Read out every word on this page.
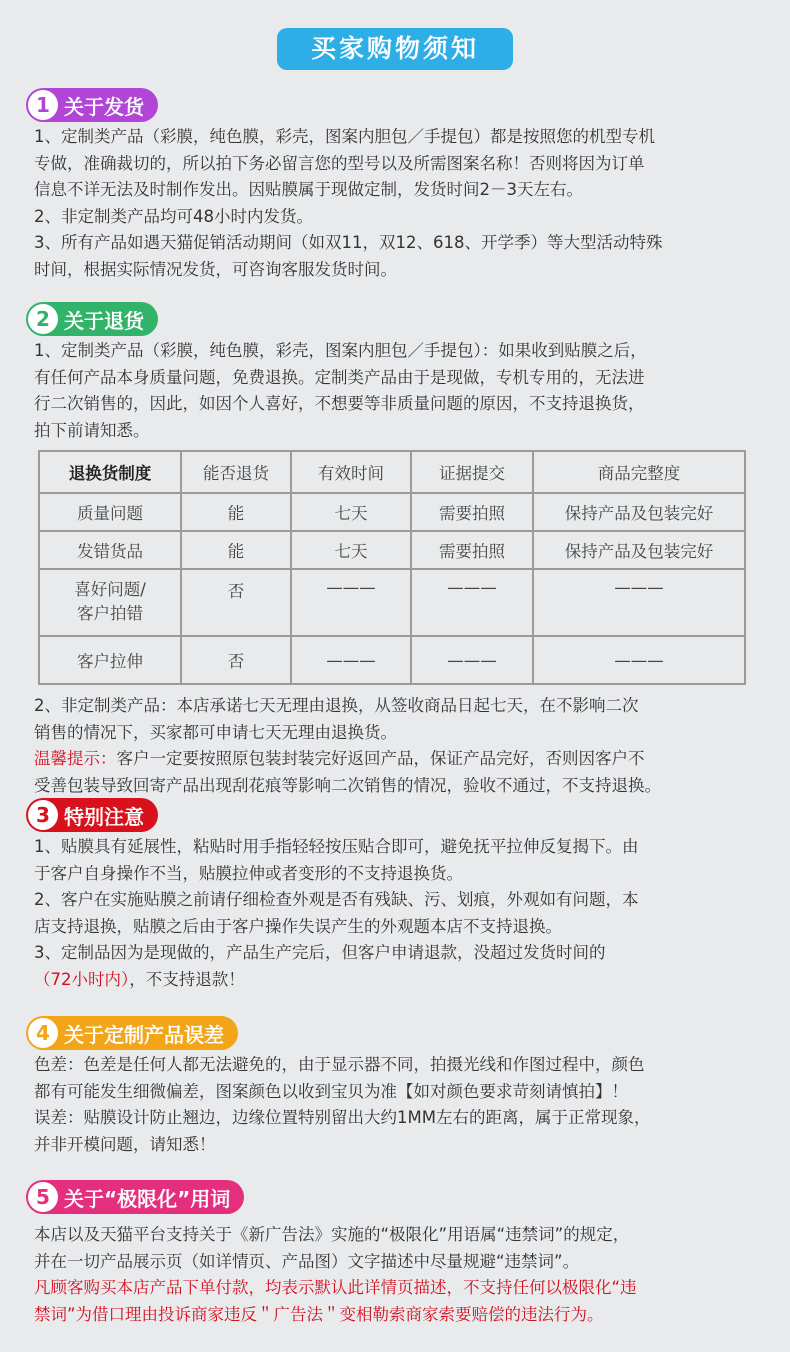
买家购物须知
1 关于发货

1、定制类产品（彩膜，纯色膜，彩壳，图案内胆包／手提包）都是按照您的机型专机

专做，准确裁切的，所以拍下务必留言您的型号以及所需图案名称！否则将因为订单

信息不详无法及时制作发出。因贴膜属于现做定制，发货时间2－3天左右。

2、非定制类产品均可48小时内发货。

3、所有产品如遇天猫促销活动期间（如双11，双12、618、开学季）等大型活动特殊

时间，根据实际情况发货，可咨询客服发货时间。

2 关于退货

1、定制类产品（彩膜，纯色膜，彩壳，图案内胆包／手提包）：如果收到贴膜之后，

有任何产品本身质量问题，免费退换。定制类产品由于是现做，专机专用的，无法进

行二次销售的，因此，如因个人喜好，不想要等非质量问题的原因，不支持退换货，

拍下前请知悉。

退换货制度	能否退货	有效时间	证据提交	商品完整度
质量问题	能	七天	需要拍照	保持产品及包装完好
发错货品	能	七天	需要拍照	保持产品及包装完好

喜好问题/
客户拍错	否	———	———	———
客户拉伸	否	———	———	———

2、非定制类产品：本店承诺七天无理由退换，从签收商品日起七天，在不影响二次

销售的情况下，买家都可申请七天无理由退换货。

温馨提示：客户一定要按照原包装封装完好返回产品，保证产品完好，否则因客户不

受善包装导致回寄产品出现刮花痕等影响二次销售的情况，验收不通过，不支持退换。

3 特别注意

1、贴膜具有延展性，粘贴时用手指轻轻按压贴合即可，避免抚平拉伸反复揭下。由

于客户自身操作不当，贴膜拉伸或者变形的不支持退换货。

2、客户在实施贴膜之前请仔细检查外观是否有残缺、污、划痕，外观如有问题，本

店支持退换，贴膜之后由于客户操作失误产生的外观题本店不支持退换。

3、定制品因为是现做的，产品生产完后，但客户申请退款，没超过发货时间的

（72小时内），不支持退款！

4 关于定制产品误差

色差：色差是任何人都无法避免的，由于显示器不同，拍摄光线和作图过程中，颜色

都有可能发生细微偏差，图案颜色以收到宝贝为准【如对颜色要求苛刻请慎拍】！

误差：贴膜设计防止翘边，边缘位置特别留出大约1MM左右的距离，属于正常现象，

并非开模问题，请知悉！

5 关于“极限化”用词

本店以及天猫平台支持关于《新广告法》实施的“极限化”用语属“违禁词”的规定，

并在一切产品展示页（如详情页、产品图）文字描述中尽量规避“违禁词”。

凡顾客购买本店产品下单付款，均表示默认此详情页描述，不支持任何以极限化“违

禁词”为借口理由投诉商家违反＂广告法＂变相勒索商家索要赔偿的违法行为。
